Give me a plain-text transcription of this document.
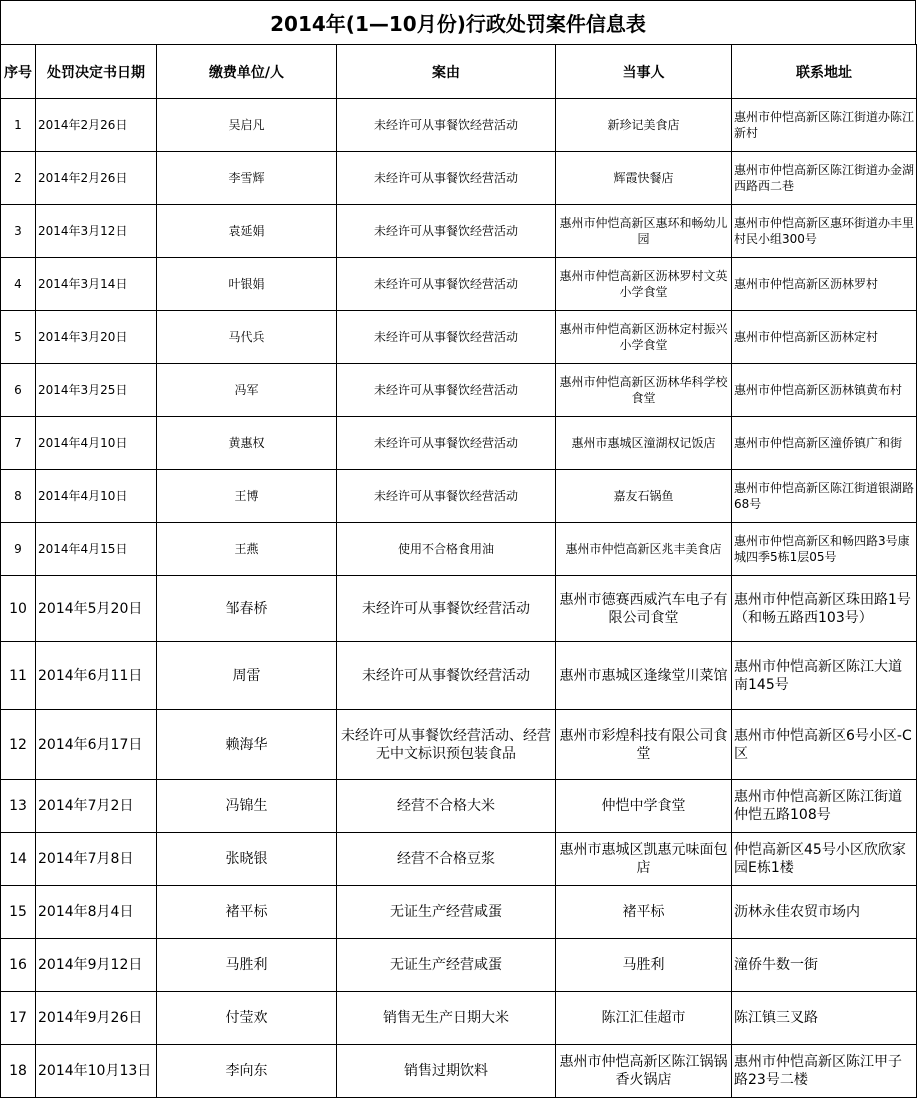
2014年(1—10月份)行政处罚案件信息表
序号	处罚决定书日期	缴费单位/人	案由	当事人	联系地址
1	2014年2月26日	吴启凡	未经许可从事餐饮经营活动	新珍记美食店	惠州市仲恺高新区陈江街道办陈江新村
2	2014年2月26日	李雪辉	未经许可从事餐饮经营活动	辉霞快餐店	惠州市仲恺高新区陈江街道办金湖西路西二巷
3	2014年3月12日	袁延娟	未经许可从事餐饮经营活动	惠州市仲恺高新区惠环和畅幼儿园	惠州市仲恺高新区惠环街道办丰里村民小组300号
4	2014年3月14日	叶银娟	未经许可从事餐饮经营活动	惠州市仲恺高新区沥林罗村文英小学食堂	惠州市仲恺高新区沥林罗村
5	2014年3月20日	马代兵	未经许可从事餐饮经营活动	惠州市仲恺高新区沥林定村振兴小学食堂	惠州市仲恺高新区沥林定村
6	2014年3月25日	冯军	未经许可从事餐饮经营活动	惠州市仲恺高新区沥林华科学校食堂	惠州市仲恺高新区沥林镇黄布村
7	2014年4月10日	黄惠权	未经许可从事餐饮经营活动	惠州市惠城区潼湖权记饭店	惠州市仲恺高新区潼侨镇广和街
8	2014年4月10日	王博	未经许可从事餐饮经营活动	嘉友石锅鱼	惠州市仲恺高新区陈江街道银湖路68号
9	2014年4月15日	王燕	使用不合格食用油	惠州市仲恺高新区兆丰美食店	惠州市仲恺高新区和畅四路3号康城四季5栋1层05号
10	2014年5月20日	邹春桥	未经许可从事餐饮经营活动	惠州市德赛西威汽车电子有限公司食堂	惠州市仲恺高新区珠田路1号（和畅五路西103号）
11	2014年6月11日	周雷	未经许可从事餐饮经营活动	惠州市惠城区逢缘堂川菜馆	惠州市仲恺高新区陈江大道南145号
12	2014年6月17日	赖海华	未经许可从事餐饮经营活动、经营无中文标识预包装食品	惠州市彩煌科技有限公司食堂	惠州市仲恺高新区6号小区-C区
13	2014年7月2日	冯锦生	经营不合格大米	仲恺中学食堂	惠州市仲恺高新区陈江街道仲恺五路108号
14	2014年7月8日	张晓银	经营不合格豆浆	惠州市惠城区凯惠元味面包店	仲恺高新区45号小区欣欣家园E栋1楼
15	2014年8月4日	褚平标	无证生产经营咸蛋	褚平标	沥林永佳农贸市场内
16	2014年9月12日	马胜利	无证生产经营咸蛋	马胜利	潼侨牛数一街
17	2014年9月26日	付莹欢	销售无生产日期大米	陈江汇佳超市	陈江镇三叉路
18	2014年10月13日	李向东	销售过期饮料	惠州市仲恺高新区陈江锅锅香火锅店	惠州市仲恺高新区陈江甲子路23号二楼
